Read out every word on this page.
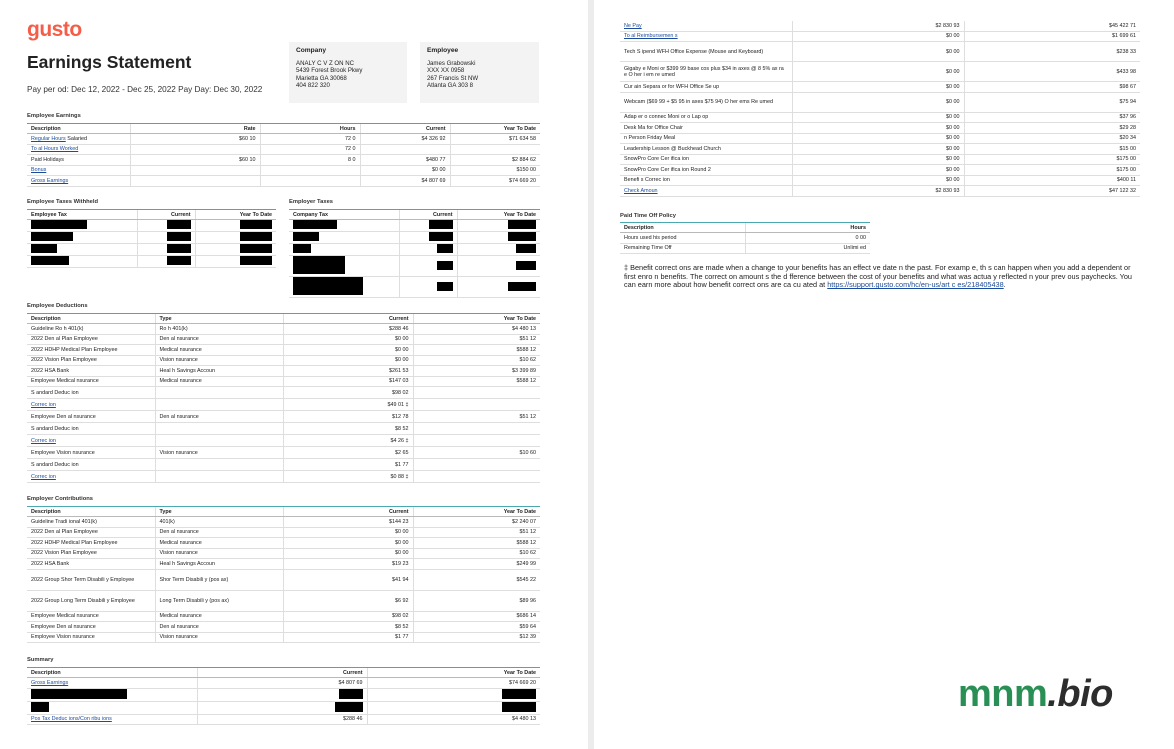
gusto
Earnings Statement
Pay per od: Dec 12, 2022 - Dec 25, 2022 Pay Day: Dec 30, 2022
Company
ANALY C V Z ON NC
5439 Forest Brook Pkwy
Marietta GA 30068
404 822 320
Employee
James Grabowski
XXX XX 0958
267 Francis St NW
Atlanta GA 303 8
Employee Earnings
Description	Rate	Hours	Current	Year To Date
Regular Hours Salaried	$60 10	72 0	$4 326 92	$71 634 58
To al Hours Worked		72 0		
Paid Holidays	$60 10	8 0	$480 77	$2 884 62
Bonus			$0 00	$150 00
Gross Earnings			$4 807 69	$74 669 20
Employee Taxes Withheld
Employee Tax	Current	Year To Date

Employer Taxes
Company Tax	Current	Year To Date

Employee Deductions
Description	Type	Current	Year To Date
Guideline Ro h 401(k)	Ro h 401(k)	$288 46	$4 480 13
2022 Den al Plan Employee	Den al nsurance	$0 00	$51 12
2022 HDHP Medical Plan Employee	Medical nsurance	$0 00	$588 12
2022 Vision Plan Employee	Vision nsurance	$0 00	$10 62
2022 HSA Bank	Heal h Savings Accoun	$261 53	$3 399 89
Employee Medical nsurance	Medical nsurance	$147 03	$588 12
S andard Deduc ion		$98 02	
Correc ion		$49 01 ‡	
Employee Den al nsurance	Den al nsurance	$12 78	$51 12
S andard Deduc ion		$8 52	
Correc ion		$4 26 ‡	
Employee Vision nsurance	Vision nsurance	$2 65	$10 60
S andard Deduc ion		$1 77	
Correc ion		$0 88 ‡	
Employer Contributions
Description	Type	Current	Year To Date
Guideline Tradi ional 401(k)	401(k)	$144 23	$2 240 07
2022 Den al Plan Employee	Den al nsurance	$0 00	$51 12
2022 HDHP Medical Plan Employee	Medical nsurance	$0 00	$588 12
2022 Vision Plan Employee	Vision nsurance	$0 00	$10 62
2022 HSA Bank	Heal h Savings Accoun	$19 23	$249 99
2022 Group Shor Term Disabili y Employee	Shor Term Disabili y (pos ax)	$41 94	$545 22
2022 Group Long Term Disabili y Employee	Long Term Disabili y (pos ax)	$6 92	$89 96
Employee Medical nsurance	Medical nsurance	$98 02	$686 14
Employee Den al nsurance	Den al nsurance	$8 52	$59 64
Employee Vision nsurance	Vision nsurance	$1 77	$12 39
Summary
Description	Current	Year To Date
Gross Earnings	$4 807 69	$74 669 20

Pos Tax Deduc ions/Con ribu ions	$288 46	$4 480 13
Ne Pay	$2 830 93	$45 422 71
To al Reimbursemen s	$0 00	$1 699 61
Tech S ipend WFH Office Expense (Mouse and Keyboard)	$0 00	$238 33
Gigaby e Moni or $399 99 base cos plus $34 in axes @ 8 5% ax ra e O her i em re umed	$0 00	$433 98
Cur ain Separa or for WFH Office Se up	$0 00	$98 67
Webcam ($69 99 + $5 95 in axes $75 94) O her ems Re umed	$0 00	$75 94
Adap er o connec Moni or o Lap op	$0 00	$37 96
Desk Ma for Office Chair	$0 00	$29 28
n Person Friday Meal	$0 00	$20 34
Leadership Lesson @ Buckhead Church	$0 00	$15 00
SnowPro Core Cer ifica ion	$0 00	$175 00
SnowPro Core Cer ifica ion Round 2	$0 00	$175 00
Benefi s Correc ion	$0 00	$400 11
Check Amoun	$2 830 93	$47 122 32
Paid Time Off Policy
Description	Hours
Hours used his period	0 00
Remaining Time Off	Unlimi ed
‡ Benefit correct ons are made when a change to your benefits has an effect ve date n the past. For examp e, th s can happen when you add a dependent or first enro n benefits. The correct on amount s the d fference between the cost of your benefits and what was actua y reflected n your prev ous paychecks. You can earn more about how benefit correct ons are ca cu ated at https://support.gusto.com/hc/en-us/art c es/218405438.
mnm.bio
